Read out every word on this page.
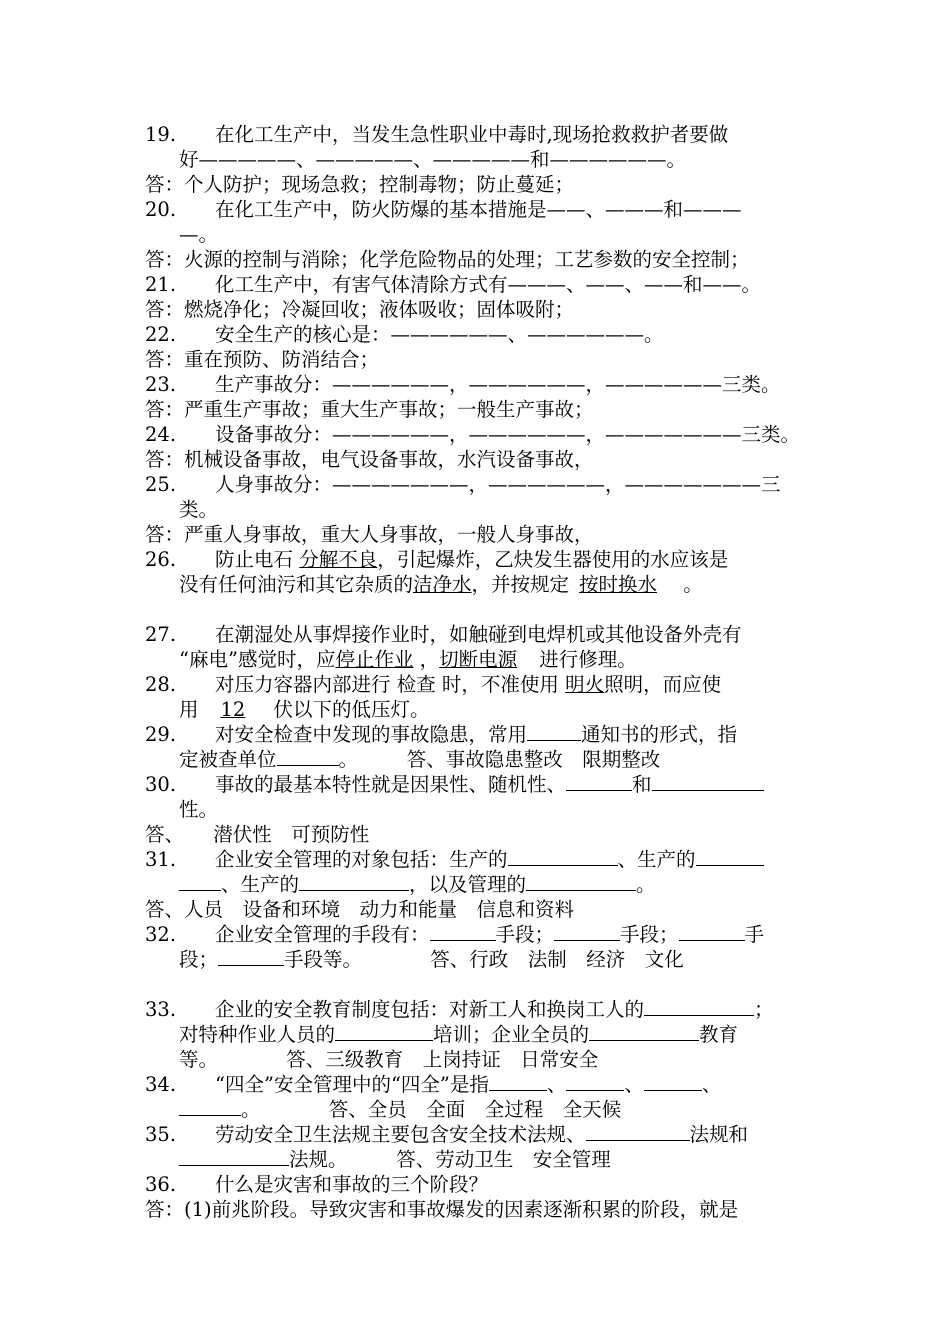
19.　　在化工生产中，当发生急性职业中毒时,现场抢救救护者要做
好—————、—————、—————和——————。
答：个人防护；现场急救；控制毒物；防止蔓延；
20.　　在化工生产中，防火防爆的基本措施是——、———和———
—。
答：火源的控制与消除；化学危险物品的处理；工艺参数的安全控制；
21.　　化工生产中，有害气体清除方式有———、——、——和——。
答：燃烧净化；冷凝回收；液体吸收；固体吸附；
22.　　安全生产的核心是：——————、——————。
答：重在预防、防消结合；
23.　　生产事故分：——————，——————，——————三类。
答：严重生产事故；重大生产事故；一般生产事故；
24.　　设备事故分：——————，——————，———————三类。
答：机械设备事故，电气设备事故，水汽设备事故，
25.　　人身事故分：———————，——————，———————三
类。
答：严重人身事故，重大人身事故，一般人身事故，
26.　　防止电石 分解不良，引起爆炸，乙炔发生器使用的水应该是
没有任何油污和其它杂质的洁净水，并按规定 按时换水 。
27.　　在潮湿处从事焊接作业时，如触碰到电焊机或其他设备外壳有
“麻电”感觉时，应停止作业 ，切断电源 进行修理。
28.　　对压力容器内部进行 检查 时，不准使用 明火照明，而应使
用 12 伏以下的低压灯。
29.　　对安全检查中发现的事故隐患，常用	通知书的形式，指
定被查单位	。　　　答、事故隐患整改　限期整改
30.　　事故的最基本特性就是因果性、随机性、	和
性。
答、　　潜伏性　可预防性
31.　　企业安全管理的对象包括：生产的	、生产的
、生产的	，以及管理的	。
答、人员　设备和环境　动力和能量　信息和资料
32.　　企业安全管理的手段有：	手段；	手段；	手
段；	手段等。　　　　答、行政　法制　经济　文化
33.　　企业的安全教育制度包括：对新工人和换岗工人的	；
对特种作业人员的	培训；企业全员的	教育
等。　　　　答、三级教育　上岗持证　日常安全
34.　　“四全”安全管理中的“四全”是指	、	、	、
。　　　　答、全员　全面　全过程　全天候
35.　　劳动安全卫生法规主要包含安全技术法规、	法规和
法规。　　　答、劳动卫生　安全管理
36.　　什么是灾害和事故的三个阶段？
答：(1)前兆阶段。导致灾害和事故爆发的因素逐渐积累的阶段，就是
